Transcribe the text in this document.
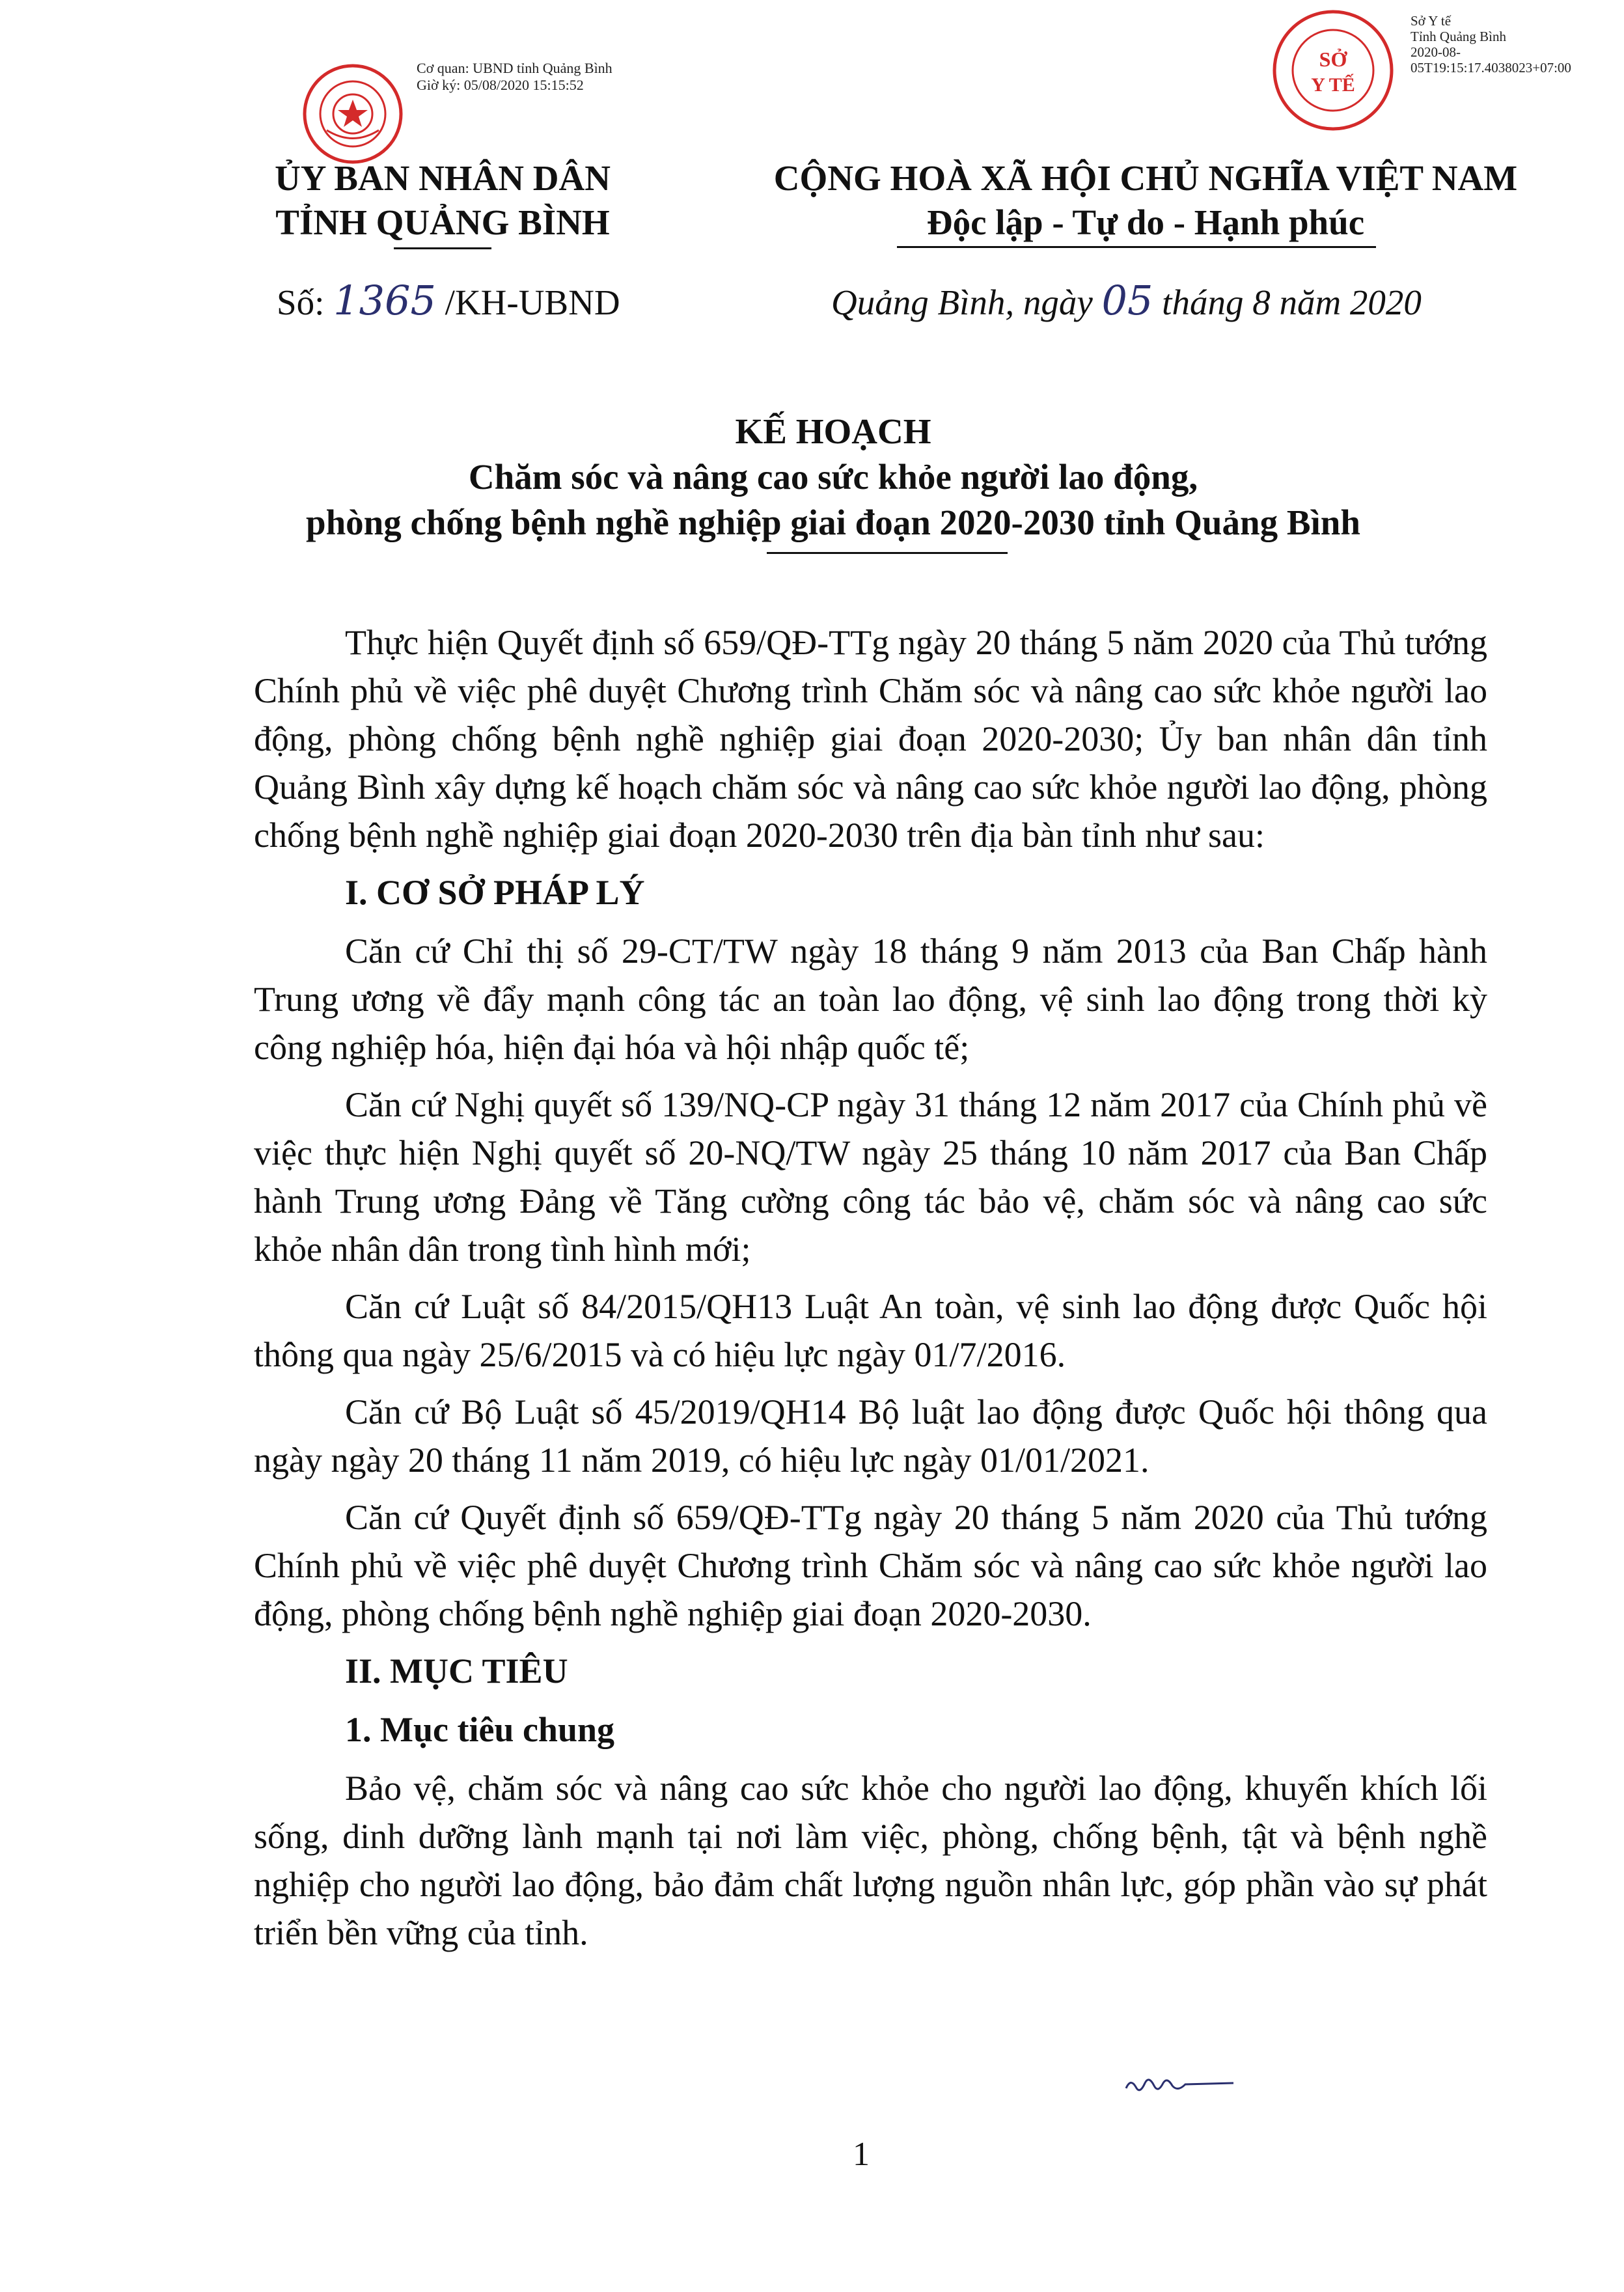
Cơ quan: UBND tỉnh Quảng Bình
Giờ ký: 05/08/2020 15:15:52
SỞ
Y TẾ
Sở Y tế
Tỉnh Quảng Bình
2020-08-
05T19:15:17.4038023+07:00
ỦY BAN NHÂN DÂN
TỈNH QUẢNG BÌNH
CỘNG HOÀ XÃ HỘI CHỦ NGHĨA VIỆT NAM
Độc lập - Tự do - Hạnh phúc
Số: 1365 /KH-UBND	Quảng Bình, ngày 05 tháng 8 năm 2020
KẾ HOẠCH
Chăm sóc và nâng cao sức khỏe người lao động,
phòng chống bệnh nghề nghiệp giai đoạn 2020-2030 tỉnh Quảng Bình

Thực hiện Quyết định số 659/QĐ-TTg ngày 20 tháng 5 năm 2020 của Thủ tướng Chính phủ về việc phê duyệt Chương trình Chăm sóc và nâng cao sức khỏe người lao động, phòng chống bệnh nghề nghiệp giai đoạn 2020-2030; Ủy ban nhân dân tỉnh Quảng Bình xây dựng kế hoạch chăm sóc và nâng cao sức khỏe người lao động, phòng chống bệnh nghề nghiệp giai đoạn 2020-2030 trên địa bàn tỉnh như sau:

I. CƠ SỞ PHÁP LÝ

Căn cứ Chỉ thị số 29-CT/TW ngày 18 tháng 9 năm 2013 của Ban Chấp hành Trung ương về đẩy mạnh công tác an toàn lao động, vệ sinh lao động trong thời kỳ công nghiệp hóa, hiện đại hóa và hội nhập quốc tế;

Căn cứ Nghị quyết số 139/NQ-CP ngày 31 tháng 12 năm 2017 của Chính phủ về việc thực hiện Nghị quyết số 20-NQ/TW ngày 25 tháng 10 năm 2017 của Ban Chấp hành Trung ương Đảng về Tăng cường công tác bảo vệ, chăm sóc và nâng cao sức khỏe nhân dân trong tình hình mới;

Căn cứ Luật số 84/2015/QH13 Luật An toàn, vệ sinh lao động được Quốc hội thông qua ngày 25/6/2015 và có hiệu lực ngày 01/7/2016.

Căn cứ Bộ Luật số 45/2019/QH14 Bộ luật lao động được Quốc hội thông qua ngày ngày 20 tháng 11 năm 2019, có hiệu lực ngày 01/01/2021.

Căn cứ Quyết định số 659/QĐ-TTg ngày 20 tháng 5 năm 2020 của Thủ tướng Chính phủ về việc phê duyệt Chương trình Chăm sóc và nâng cao sức khỏe người lao động, phòng chống bệnh nghề nghiệp giai đoạn 2020-2030.

II. MỤC TIÊU

1. Mục tiêu chung

Bảo vệ, chăm sóc và nâng cao sức khỏe cho người lao động, khuyến khích lối sống, dinh dưỡng lành mạnh tại nơi làm việc, phòng, chống bệnh, tật và bệnh nghề nghiệp cho người lao động, bảo đảm chất lượng nguồn nhân lực, góp phần vào sự phát triển bền vững của tỉnh.

1
